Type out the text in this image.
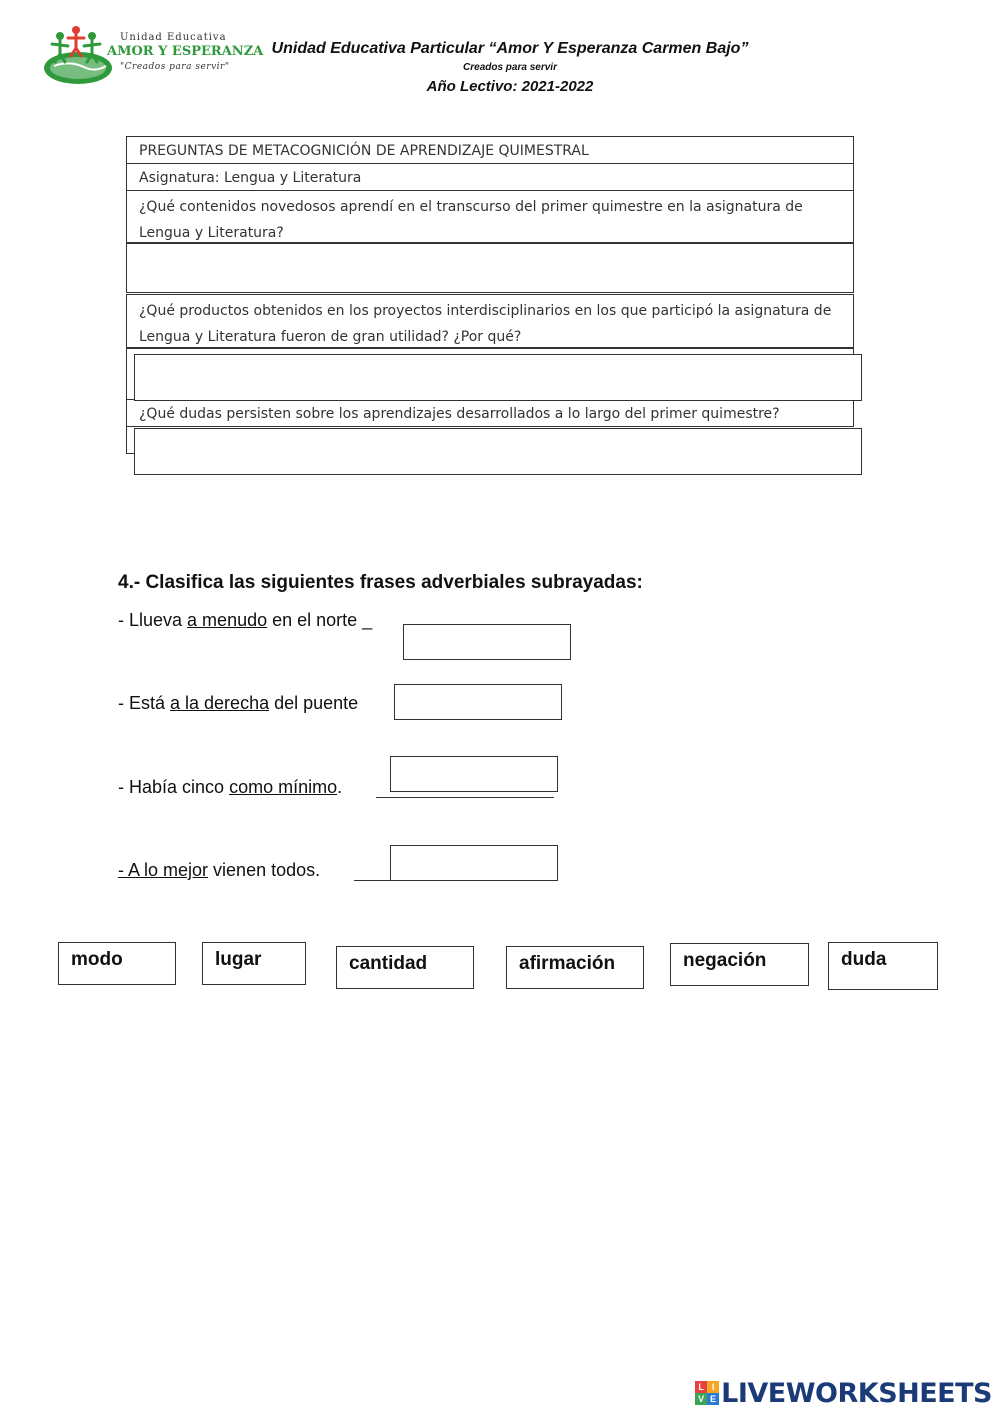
Unidad Educativa
AMOR Y ESPERANZA
"Creados para servir"
Unidad Educativa Particular “Amor Y Esperanza Carmen Bajo”
Creados para servir
Año Lectivo: 2021-2022
PREGUNTAS DE METACOGNICIÓN DE APRENDIZAJE QUIMESTRAL
Asignatura: Lengua y Literatura
¿Qué contenidos novedosos aprendí en el transcurso del primer quimestre en la asignatura de Lengua y Literatura?
¿Qué productos obtenidos en los proyectos interdisciplinarios en los que participó la asignatura de Lengua y Literatura fueron de gran utilidad? ¿Por qué?
¿Qué dudas persisten sobre los aprendizajes desarrollados a lo largo del primer quimestre?
4.- Clasifica las siguientes frases adverbiales subrayadas:
- Llueva a menudo en el norte _
- Está a la derecha del puente
- Había cinco como mínimo.
- A lo mejor vienen todos.
modo	lugar	cantidad	afirmación	negación	duda
L I
V E LIVEWORKSHEETS
